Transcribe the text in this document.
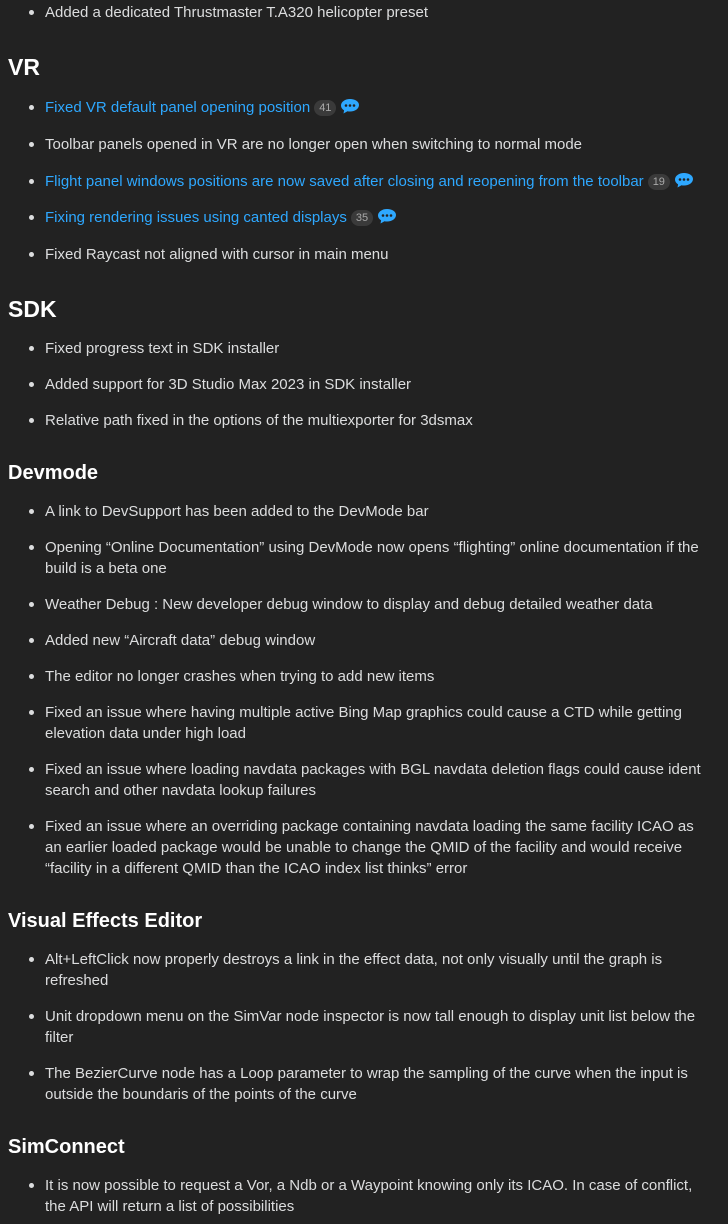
Added a dedicated Thrustmaster T.A320 helicopter preset
VR
Fixed VR default panel opening position 41
Toolbar panels opened in VR are no longer open when switching to normal mode
Flight panel windows positions are now saved after closing and reopening from the toolbar 19
Fixing rendering issues using canted displays 35
Fixed Raycast not aligned with cursor in main menu
SDK
Fixed progress text in SDK installer
Added support for 3D Studio Max 2023 in SDK installer
Relative path fixed in the options of the multiexporter for 3dsmax
Devmode
A link to DevSupport has been added to the DevMode bar
Opening “Online Documentation” using DevMode now opens “flighting” online documentation if the build is a beta one
Weather Debug : New developer debug window to display and debug detailed weather data
Added new “Aircraft data” debug window
The editor no longer crashes when trying to add new items
Fixed an issue where having multiple active Bing Map graphics could cause a CTD while getting elevation data under high load
Fixed an issue where loading navdata packages with BGL navdata deletion flags could cause ident search and other navdata lookup failures
Fixed an issue where an overriding package containing navdata loading the same facility ICAO as an earlier loaded package would be unable to change the QMID of the facility and would receive “facility in a different QMID than the ICAO index list thinks” error
Visual Effects Editor
Alt+LeftClick now properly destroys a link in the effect data, not only visually until the graph is refreshed
Unit dropdown menu on the SimVar node inspector is now tall enough to display unit list below the filter
The BezierCurve node has a Loop parameter to wrap the sampling of the curve when the input is outside the boundaris of the points of the curve
SimConnect
It is now possible to request a Vor, a Ndb or a Waypoint knowing only its ICAO. In case of conflict, the API will return a list of possibilities
